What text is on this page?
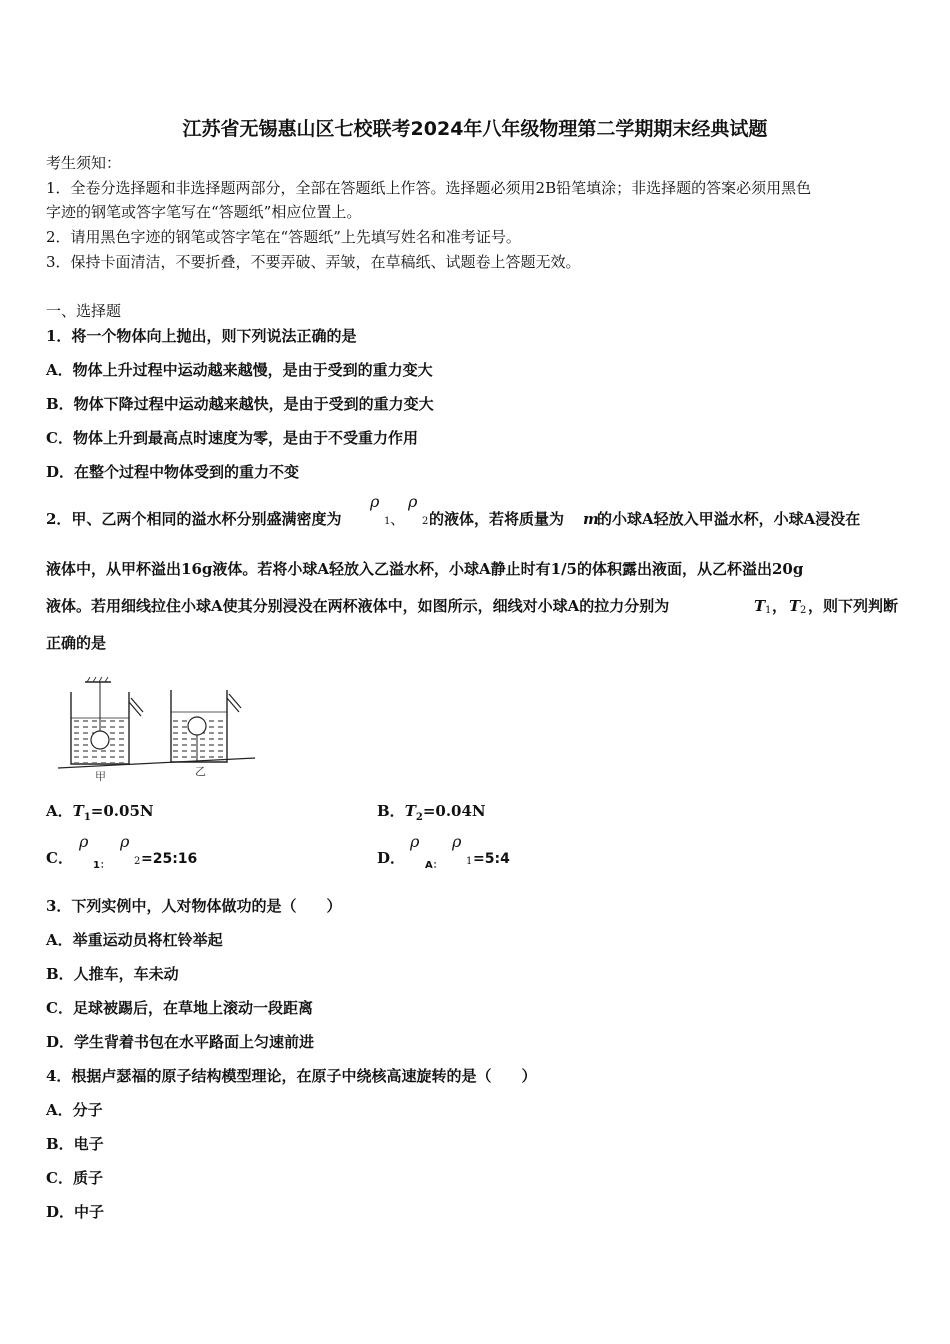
江苏省无锡惠山区七校联考2024年八年级物理第二学期期末经典试题
考生须知：
1．全卷分选择题和非选择题两部分，全部在答题纸上作答。选择题必须用2B铅笔填涂；非选择题的答案必须用黑色
字迹的钢笔或答字笔写在“答题纸”相应位置上。
2．请用黑色字迹的钢笔或答字笔在“答题纸”上先填写姓名和准考证号。
3．保持卡面清洁，不要折叠，不要弄破、弄皱，在草稿纸、试题卷上答题无效。
一、选择题
1．将一个物体向上抛出，则下列说法正确的是
A．物体上升过程中运动越来越慢，是由于受到的重力变大
B．物体下降过程中运动越来越快，是由于受到的重力变大
C．物体上升到最高点时速度为零，是由于不受重力作用
D．在整个过程中物体受到的重力不变
2．甲、乙两个相同的溢水杯分别盛满密度为
ρ
1 、
ρ
2 的液体，若将质量为 m
的小球A轻放入甲溢水杯，小球A浸没在
液体中，从甲杯溢出16g液体。若将小球A轻放入乙溢水杯，小球A静止时有1/5的体积露出液面，从乙杯溢出20g
液体。若用细线拉住小球A使其分别浸没在两杯液体中，如图所示，细线对小球A的拉力分别为	T 1 ， T 2 ，则下列判断
正确的是
甲	乙
A．$T_1=0.05N$	B．$T_2=0.04N$
C．
ρ
1：
ρ
2 =25:16	D．
ρ
A：
ρ
1 =5:4
3．下列实例中，人对物体做功的是（　　）
A．举重运动员将杠铃举起
B．人推车，车未动
C．足球被踢后，在草地上滚动一段距离
D．学生背着书包在水平路面上匀速前进
4．根据卢瑟福的原子结构模型理论，在原子中绕核高速旋转的是（　　）
A．分子
B．电子
C．质子
D．中子
